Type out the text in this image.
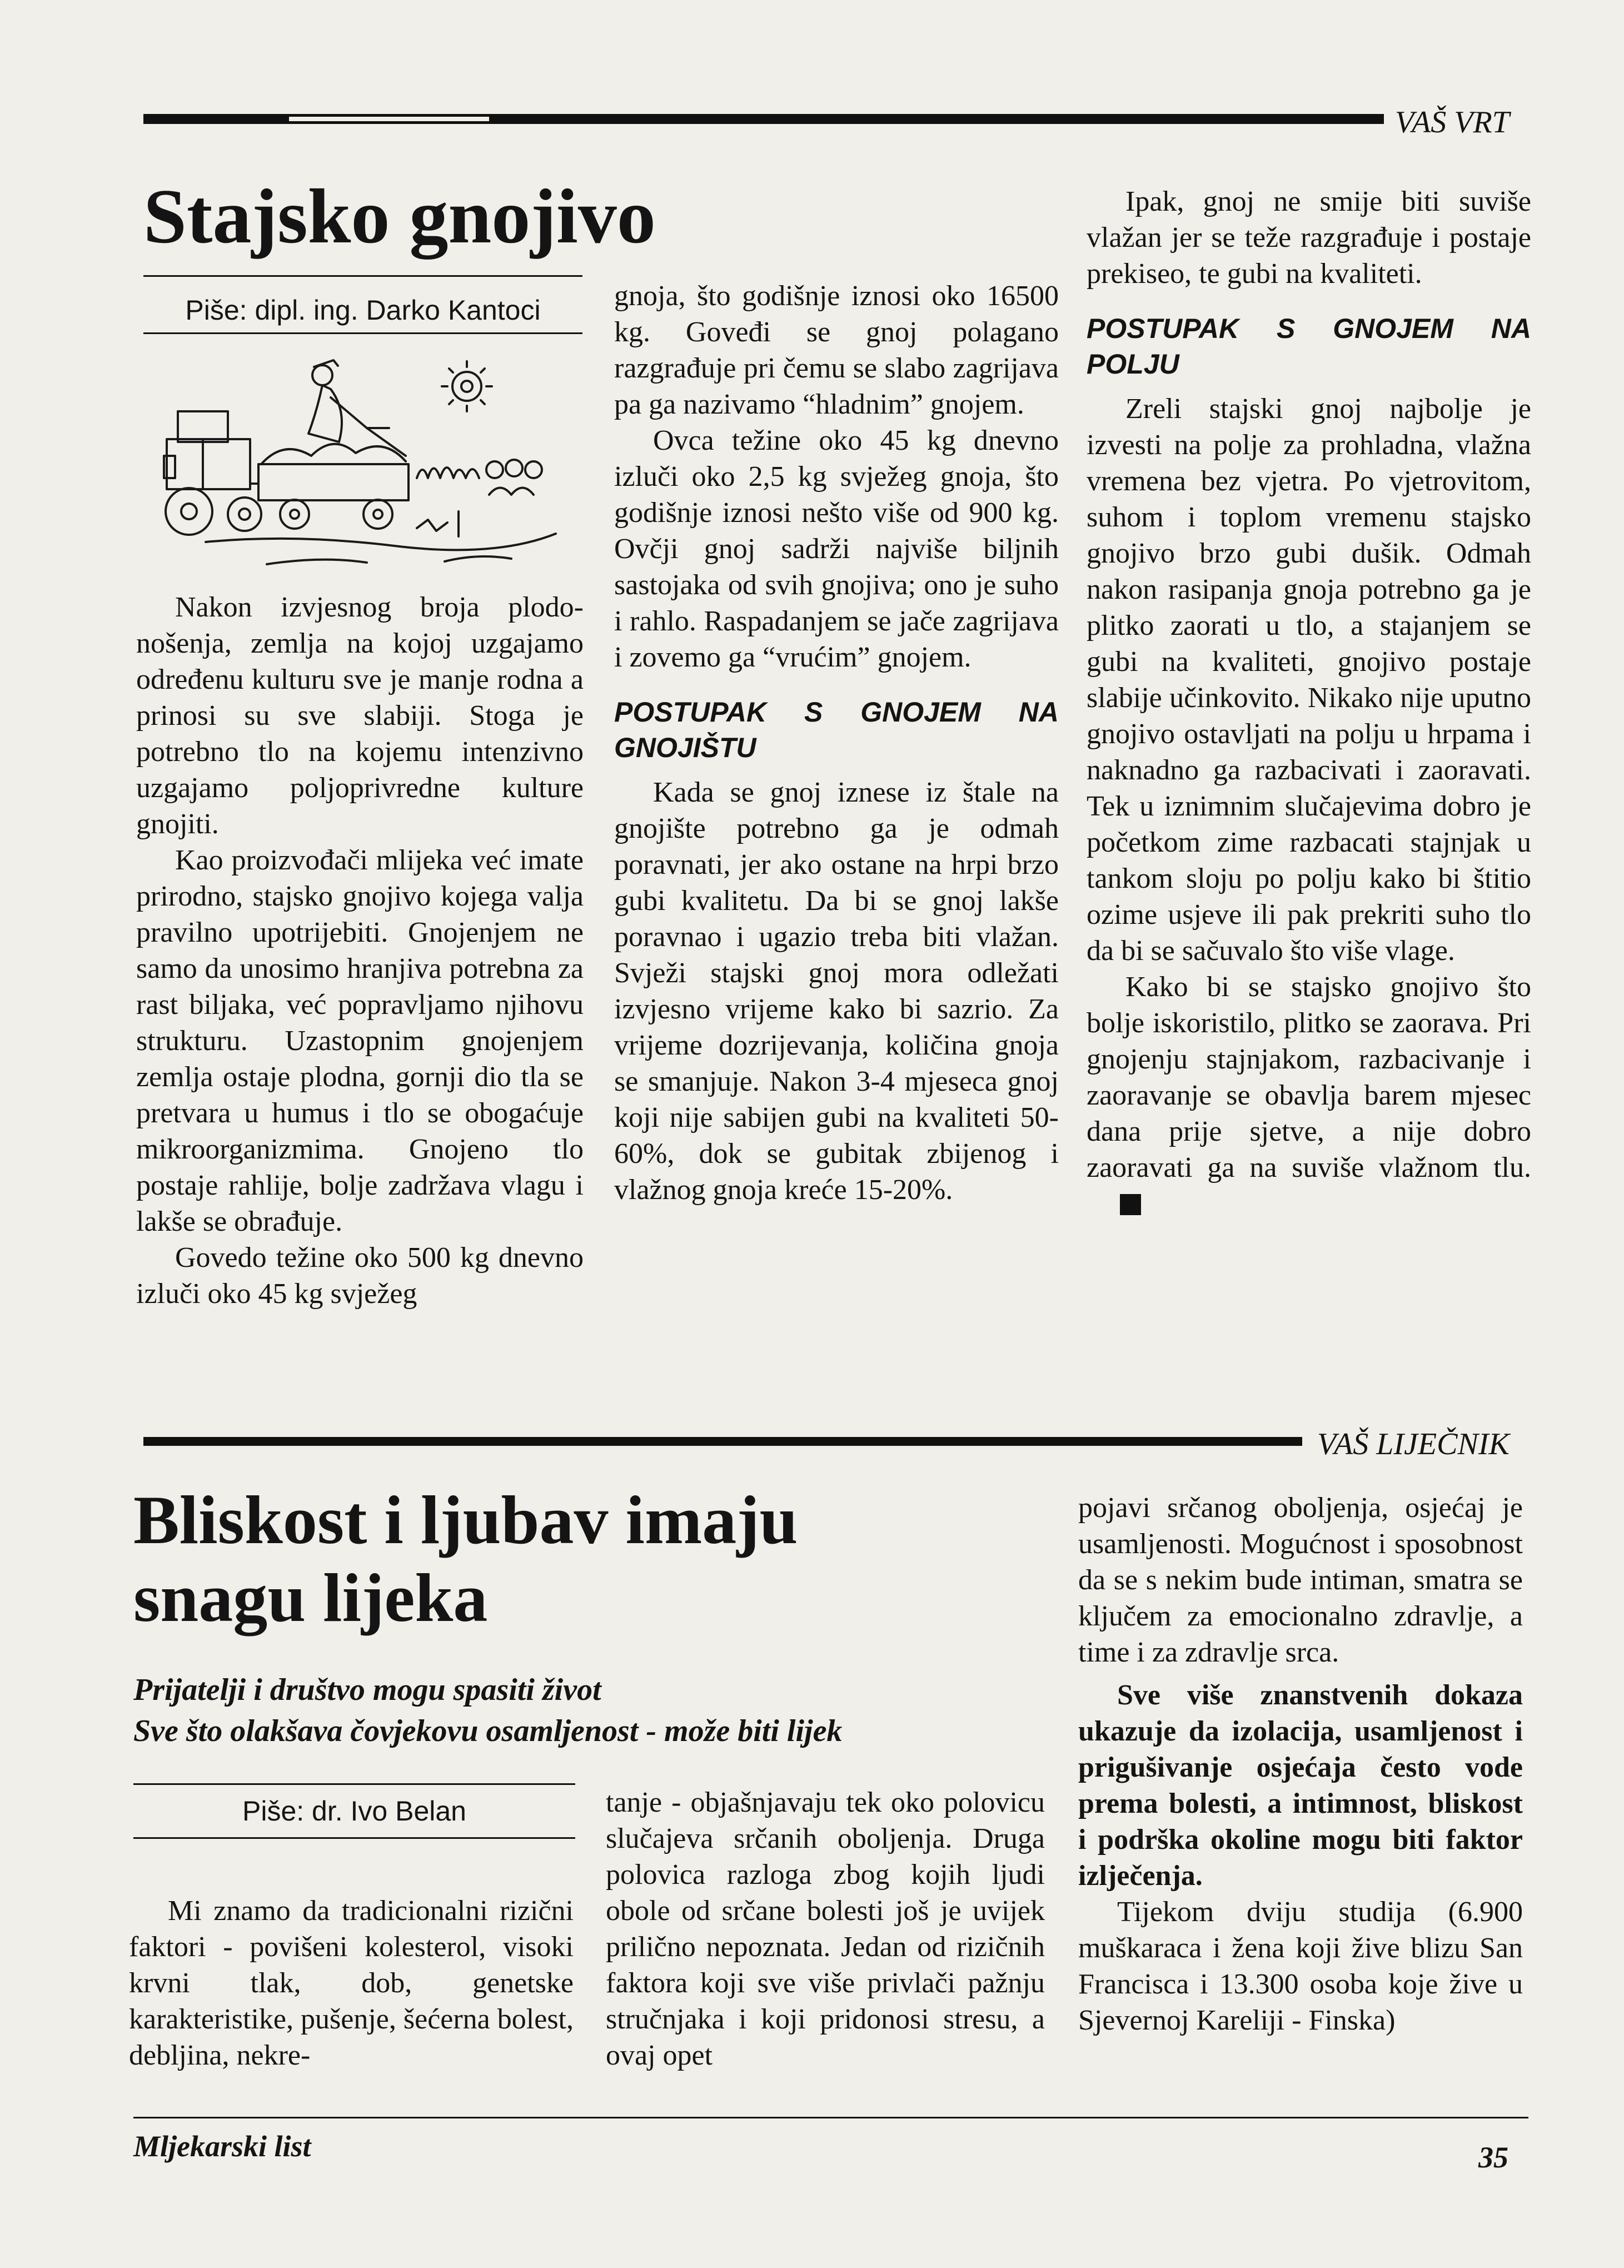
VAŠ VRT
Stajsko gnojivo
Piše: dipl. ing. Darko Kantoci

Nakon izvjesnog broja plodo-nošenja, zemlja na kojoj uzgajamo određenu kulturu sve je manje rodna a prinosi su sve slabiji. Stoga je potrebno tlo na kojemu intenzivno uzgajamo poljoprivredne kulture gnojiti.

Kao proizvođači mlijeka već imate prirodno, stajsko gnojivo kojega valja pravilno upotrijebiti. Gnojenjem ne samo da unosimo hranjiva potrebna za rast biljaka, već popravljamo njihovu strukturu. Uzastopnim gnojenjem zemlja ostaje plodna, gornji dio tla se pretvara u humus i tlo se obogaćuje mikroorganizmima. Gnojeno tlo postaje rahlije, bolje zadržava vlagu i lakše se obrađuje.

Govedo težine oko 500 kg dnevno izluči oko 45 kg svježeg

gnoja, što godišnje iznosi oko 16500 kg. Goveđi se gnoj polagano razgrađuje pri čemu se slabo zagrijava pa ga nazivamo “hladnim” gnojem.

Ovca težine oko 45 kg dnevno izluči oko 2,5 kg svježeg gnoja, što godišnje iznosi nešto više od 900 kg. Ovčji gnoj sadrži najviše biljnih sastojaka od svih gnojiva; ono je suho i rahlo. Raspadanjem se jače zagrijava i zovemo ga “vrućim” gnojem.

POSTUPAK S GNOJEM NA GNOJIŠTU

Kada se gnoj iznese iz štale na gnojište potrebno ga je odmah poravnati, jer ako ostane na hrpi brzo gubi kvalitetu. Da bi se gnoj lakše poravnao i ugazio treba biti vlažan. Svježi stajski gnoj mora odležati izvjesno vrijeme kako bi sazrio. Za vrijeme dozrijevanja, količina gnoja se smanjuje. Nakon 3-4 mjeseca gnoj koji nije sabijen gubi na kvaliteti 50-60%, dok se gubitak zbijenog i vlažnog gnoja kreće 15-20%.

Ipak, gnoj ne smije biti suviše vlažan jer se teže razgrađuje i postaje prekiseo, te gubi na kvaliteti.

POSTUPAK S GNOJEM NA POLJU

Zreli stajski gnoj najbolje je izvesti na polje za prohladna, vlažna vremena bez vjetra. Po vjetrovitom, suhom i toplom vremenu stajsko gnojivo brzo gubi dušik. Odmah nakon rasipanja gnoja potrebno ga je plitko zaorati u tlo, a stajanjem se gubi na kvaliteti, gnojivo postaje slabije učinkovito. Nikako nije uputno gnojivo ostavljati na polju u hrpama i naknadno ga razbacivati i zaoravati. Tek u iznimnim slučajevima dobro je početkom zime razbacati stajnjak u tankom sloju po polju kako bi štitio ozime usjeve ili pak prekriti suho tlo da bi se sačuvalo što više vlage.

Kako bi se stajsko gnojivo što bolje iskoristilo, plitko se zaorava. Pri gnojenju stajnjakom, razbacivanje i zaoravanje se obavlja barem mjesec dana prije sjetve, a nije dobro zaoravati ga na suviše vlažnom tlu.

VAŠ LIJEČNIK
Bliskost i ljubav imaju
snagu lijeka
Prijatelji i društvo mogu spasiti život
Sve što olakšava čovjekovu osamljenost - može biti lijek
Piše: dr. Ivo Belan

Mi znamo da tradicionalni rizični faktori - povišeni kolesterol, visoki krvni tlak, dob, genetske karakteristike, pušenje, šećerna bolest, debljina, nekre-

tanje - objašnjavaju tek oko polovicu slučajeva srčanih oboljenja. Druga polovica razloga zbog kojih ljudi obole od srčane bolesti još je uvijek prilično nepoznata. Jedan od rizičnih faktora koji sve više privlači pažnju stručnjaka i koji pridonosi stresu, a ovaj opet

pojavi srčanog oboljenja, osjećaj je usamljenosti. Mogućnost i sposobnost da se s nekim bude intiman, smatra se ključem za emocionalno zdravlje, a time i za zdravlje srca.

Sve više znanstvenih dokaza ukazuje da izolacija, usamljenost i prigušivanje osjećaja često vode prema bolesti, a intimnost, bliskost i podrška okoline mogu biti faktor izlječenja.

Tijekom dviju studija (6.900 muškaraca i žena koji žive blizu San Francisca i 13.300 osoba koje žive u Sjevernoj Kareliji - Finska)

Mljekarski list	35
